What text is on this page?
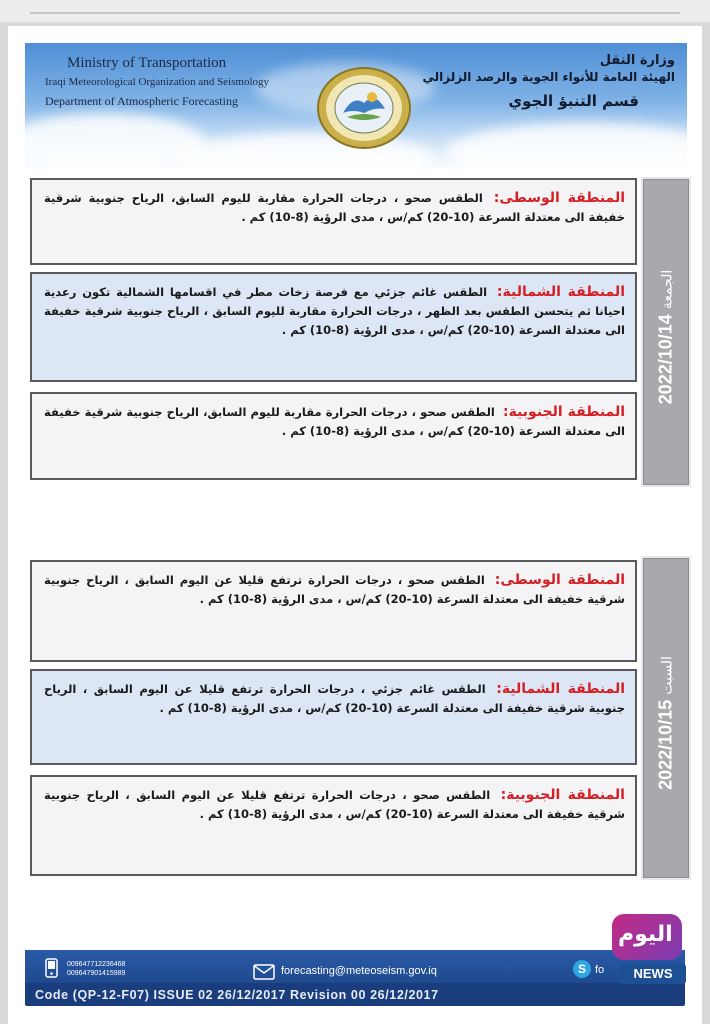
Ministry of Transportation
Iraqi Meteorological Organization and Seismology
Department of Atmospheric Forecasting
وزارة النقل
الهيئة العامة للأنواء الجوية والرصد الزلزالي
قسم التنبؤ الجوي
2022/10/14 الجمعة
المنطقة الوسطى: الطقس صحو ، درجات الحرارة مقاربة لليوم السابق، الرياح جنوبية شرقية خفيفة الى معتدلة السرعة (10-20) كم/س ، مدى الرؤية (8-10) كم .
المنطقة الشمالية: الطقس غائم جزئي مع فرصة زخات مطر في اقسامها الشمالية تكون رعدية احيانا ثم يتحسن الطقس بعد الظهر ، درجات الحرارة مقاربة لليوم السابق ، الرياح جنوبية شرقية خفيفة الى معتدلة السرعة (10-20) كم/س ، مدى الرؤية (8-10) كم .
المنطقة الجنوبية: الطقس صحو ، درجات الحرارة مقاربة لليوم السابق، الرياح جنوبية شرقية خفيفة الى معتدلة السرعة (10-20) كم/س ، مدى الرؤية (8-10) كم .
2022/10/15 السبت
المنطقة الوسطى: الطقس صحو ، درجات الحرارة ترتفع قليلا عن اليوم السابق ، الرياح جنوبية شرقية خفيفة الى معتدلة السرعة (10-20) كم/س ، مدى الرؤية (8-10) كم .
المنطقة الشمالية: الطقس غائم جزئي ، درجات الحرارة ترتفع قليلا عن اليوم السابق ، الرياح جنوبية شرقية خفيفة الى معتدلة السرعة (10-20) كم/س ، مدى الرؤية (8-10) كم .
المنطقة الجنوبية: الطقس صحو ، درجات الحرارة ترتفع قليلا عن اليوم السابق ، الرياح جنوبية شرقية خفيفة الى معتدلة السرعة (10-20) كم/س ، مدى الرؤية (8-10) كم .
009647712236468
009647901415989	forecasting@meteoseism.gov.iq	S fo
Code (QP-12-F07) ISSUE 02 26/12/2017 Revision 00 26/12/2017
اليوم
NEWS
